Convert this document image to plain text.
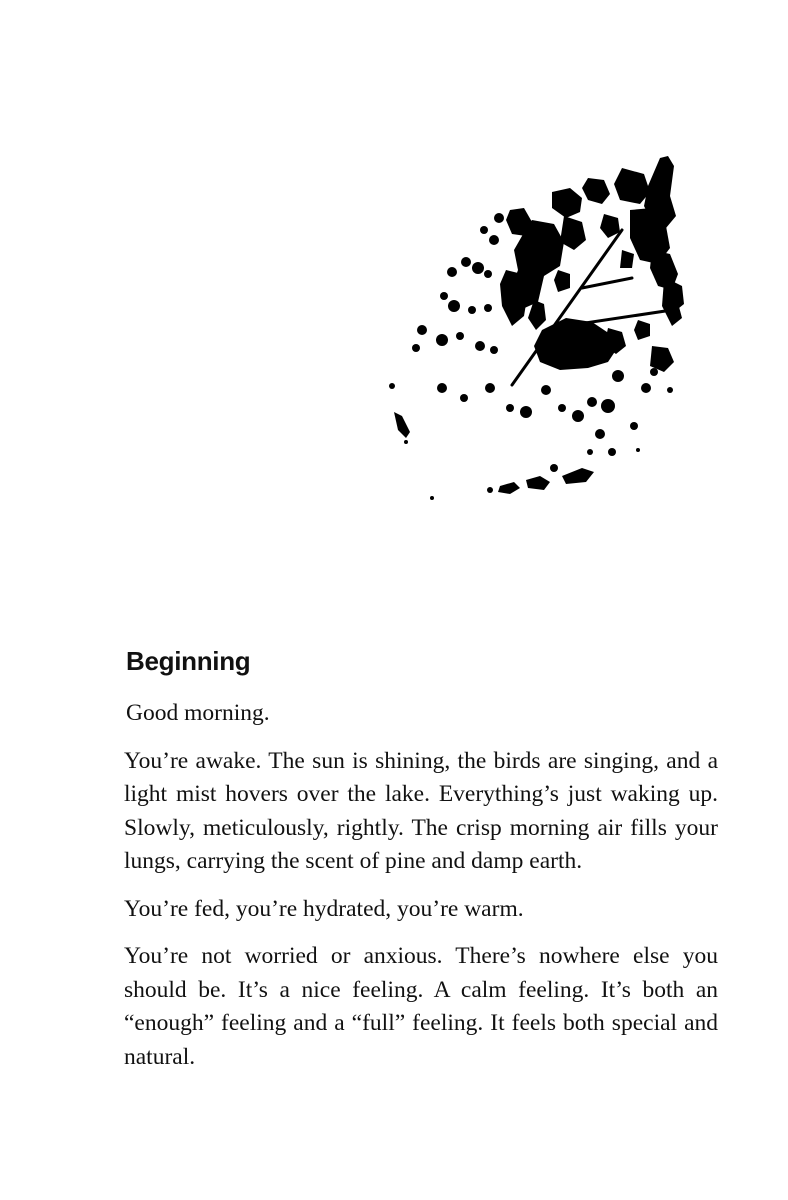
Beginning

Good morning.

You’re awake. The sun is shining, the birds are singing, and a light mist hovers over the lake. Everything’s just waking up. Slowly, meticulously, rightly. The crisp morning air fills your lungs, carrying the scent of pine and damp earth.

You’re fed, you’re hydrated, you’re warm.

You’re not worried or anxious. There’s nowhere else you should be. It’s a nice feeling. A calm feeling. It’s both an “enough” feeling and a “full” feeling. It feels both special and natural.
